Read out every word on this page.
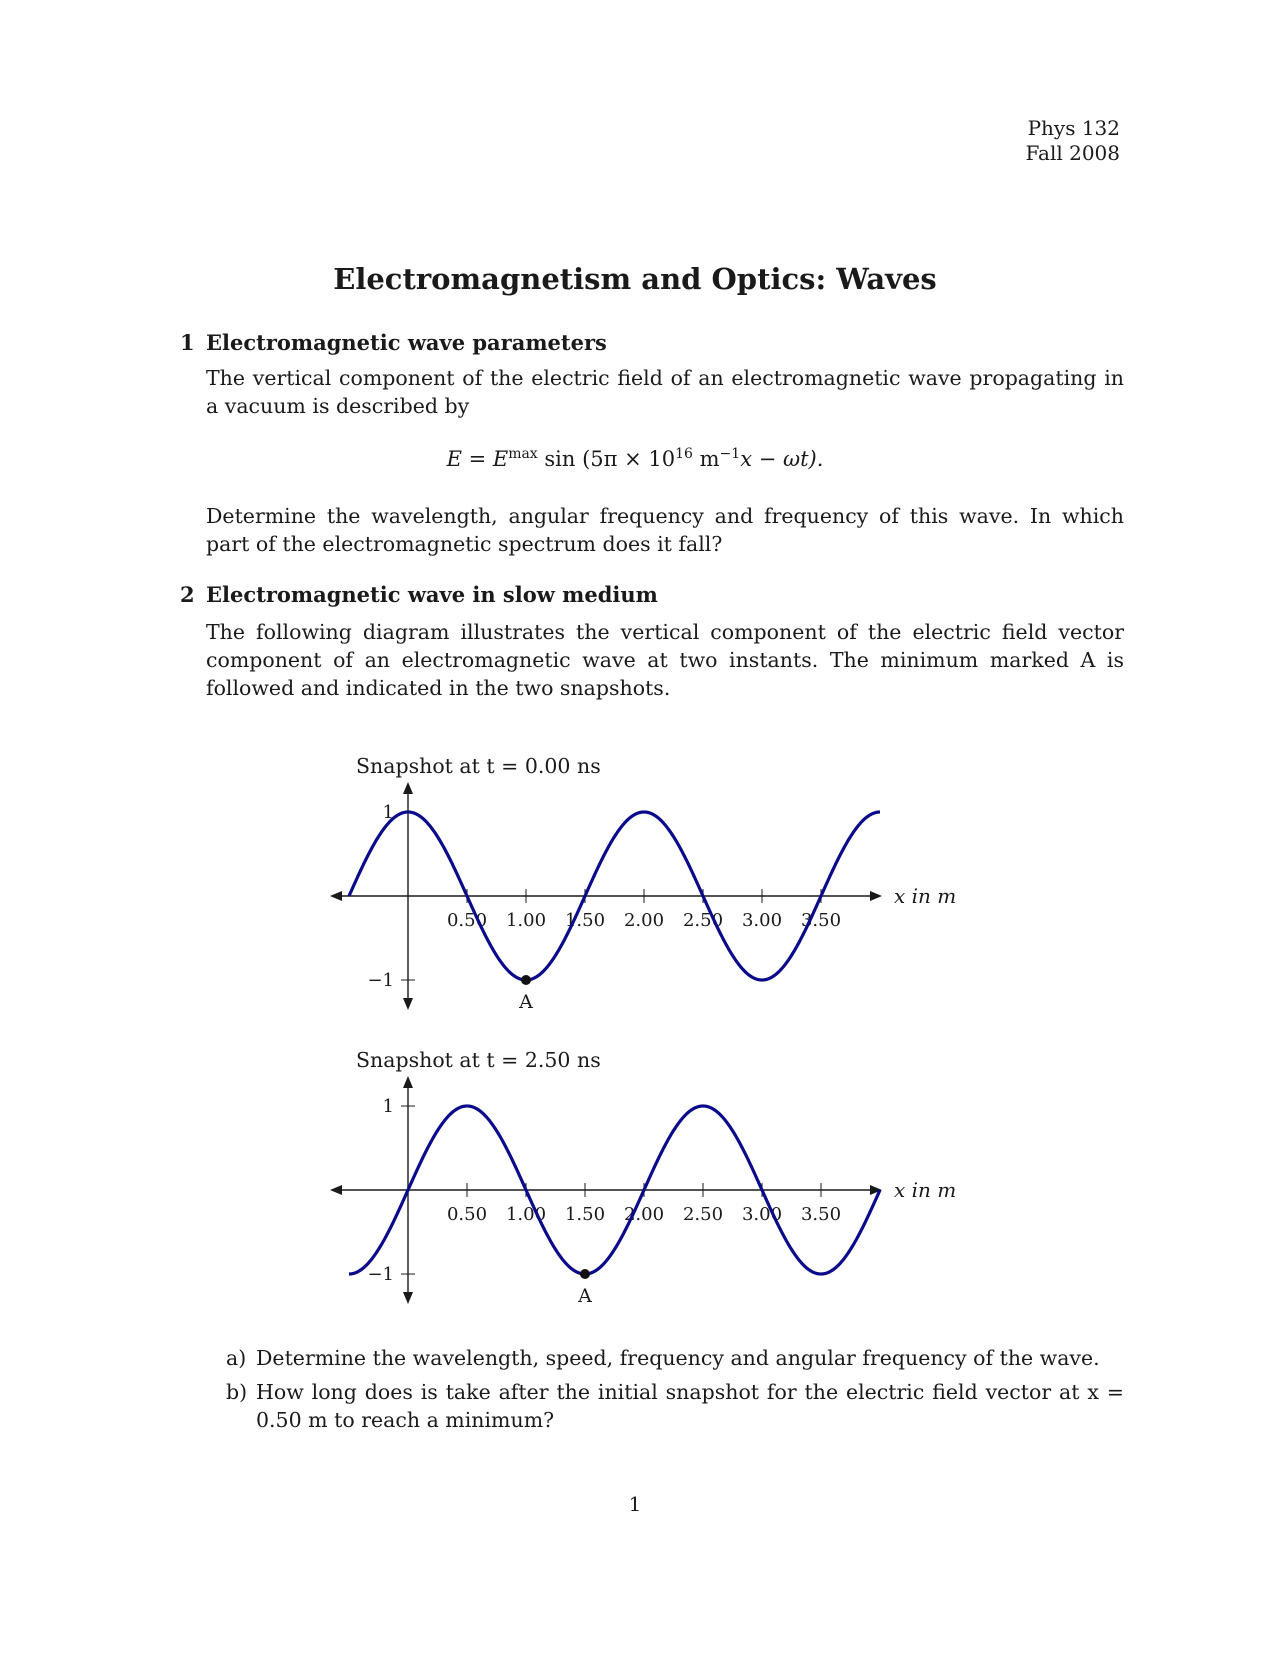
Phys 132
Fall 2008
Electromagnetism and Optics: Waves
1 Electromagnetic wave parameters
The vertical component of the electric field of an electromagnetic wave propagating in a vacuum is described by
$E = E^{max}$ $\sin (5\pi \times 10^{16}$ $m^{-1}x - \omega t$).
Determine the wavelength, angular frequency and frequency of this wave. In which part of the electromagnetic spectrum does it fall?
2 Electromagnetic wave in slow medium
The following diagram illustrates the vertical component of the electric field vector component of an electromagnetic wave at two instants. The minimum marked A is followed and indicated in the two snapshots.
Snapshot at t = 0.00 ns
0.50 1.00 1.50 2.00 2.50 3.00 3.50
1
−1
x in m
A
Snapshot at t = 2.50 ns
0.50 1.00 1.50 2.00 2.50 3.00 3.50
1
−1
x in m
A
a) Determine the wavelength, speed, frequency and angular frequency of the wave.
b) How long does is take after the initial snapshot for the electric field vector at x = 0.50 m to reach a minimum?
1
